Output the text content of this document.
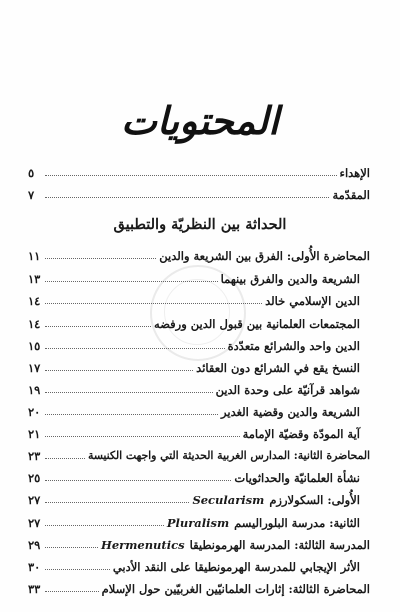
المحتويات
الإهداء
٥
المقدّمة
٧
الحداثة بين النظريّة والتطبيق
المحاضرة الأُولى: الفرق بين الشريعة والدين
١١
الشريعة والدين والفرق بينهما
١٣
الدين الإسلامي خالد
١٤
المجتمعات العلمانية بين قبول الدين ورفضه
١٤
الدين واحد والشرائع متعدّدة
١٥
النسخ يقع في الشرائع دون العقائد
١٧
شواهد قرآنيّة على وحدة الدين
١٩
الشريعة والدين وقضية الغدير
٢٠
آية المودّة وقضيّة الإمامة
٢١
المحاضرة الثانية: المدارس الغربية الحديثة التي واجهت الكنيسة
٢٣
نشأة العلمانيّة والحداثويات
٢٥
الأُولى: السكولارزم
Secularism
٢٧
الثانية: مدرسة البلوراليسم
Pluralism
٢٧
المدرسة الثالثة: المدرسة الهرمونطيقا
Hermenutics
٢٩
الأثر الإيجابي للمدرسة الهرمونطيقا على النقد الأدبي
٣٠
المحاضرة الثالثة: إثارات العلمانيّين الغربيّين حول الإسلام
٣٣
